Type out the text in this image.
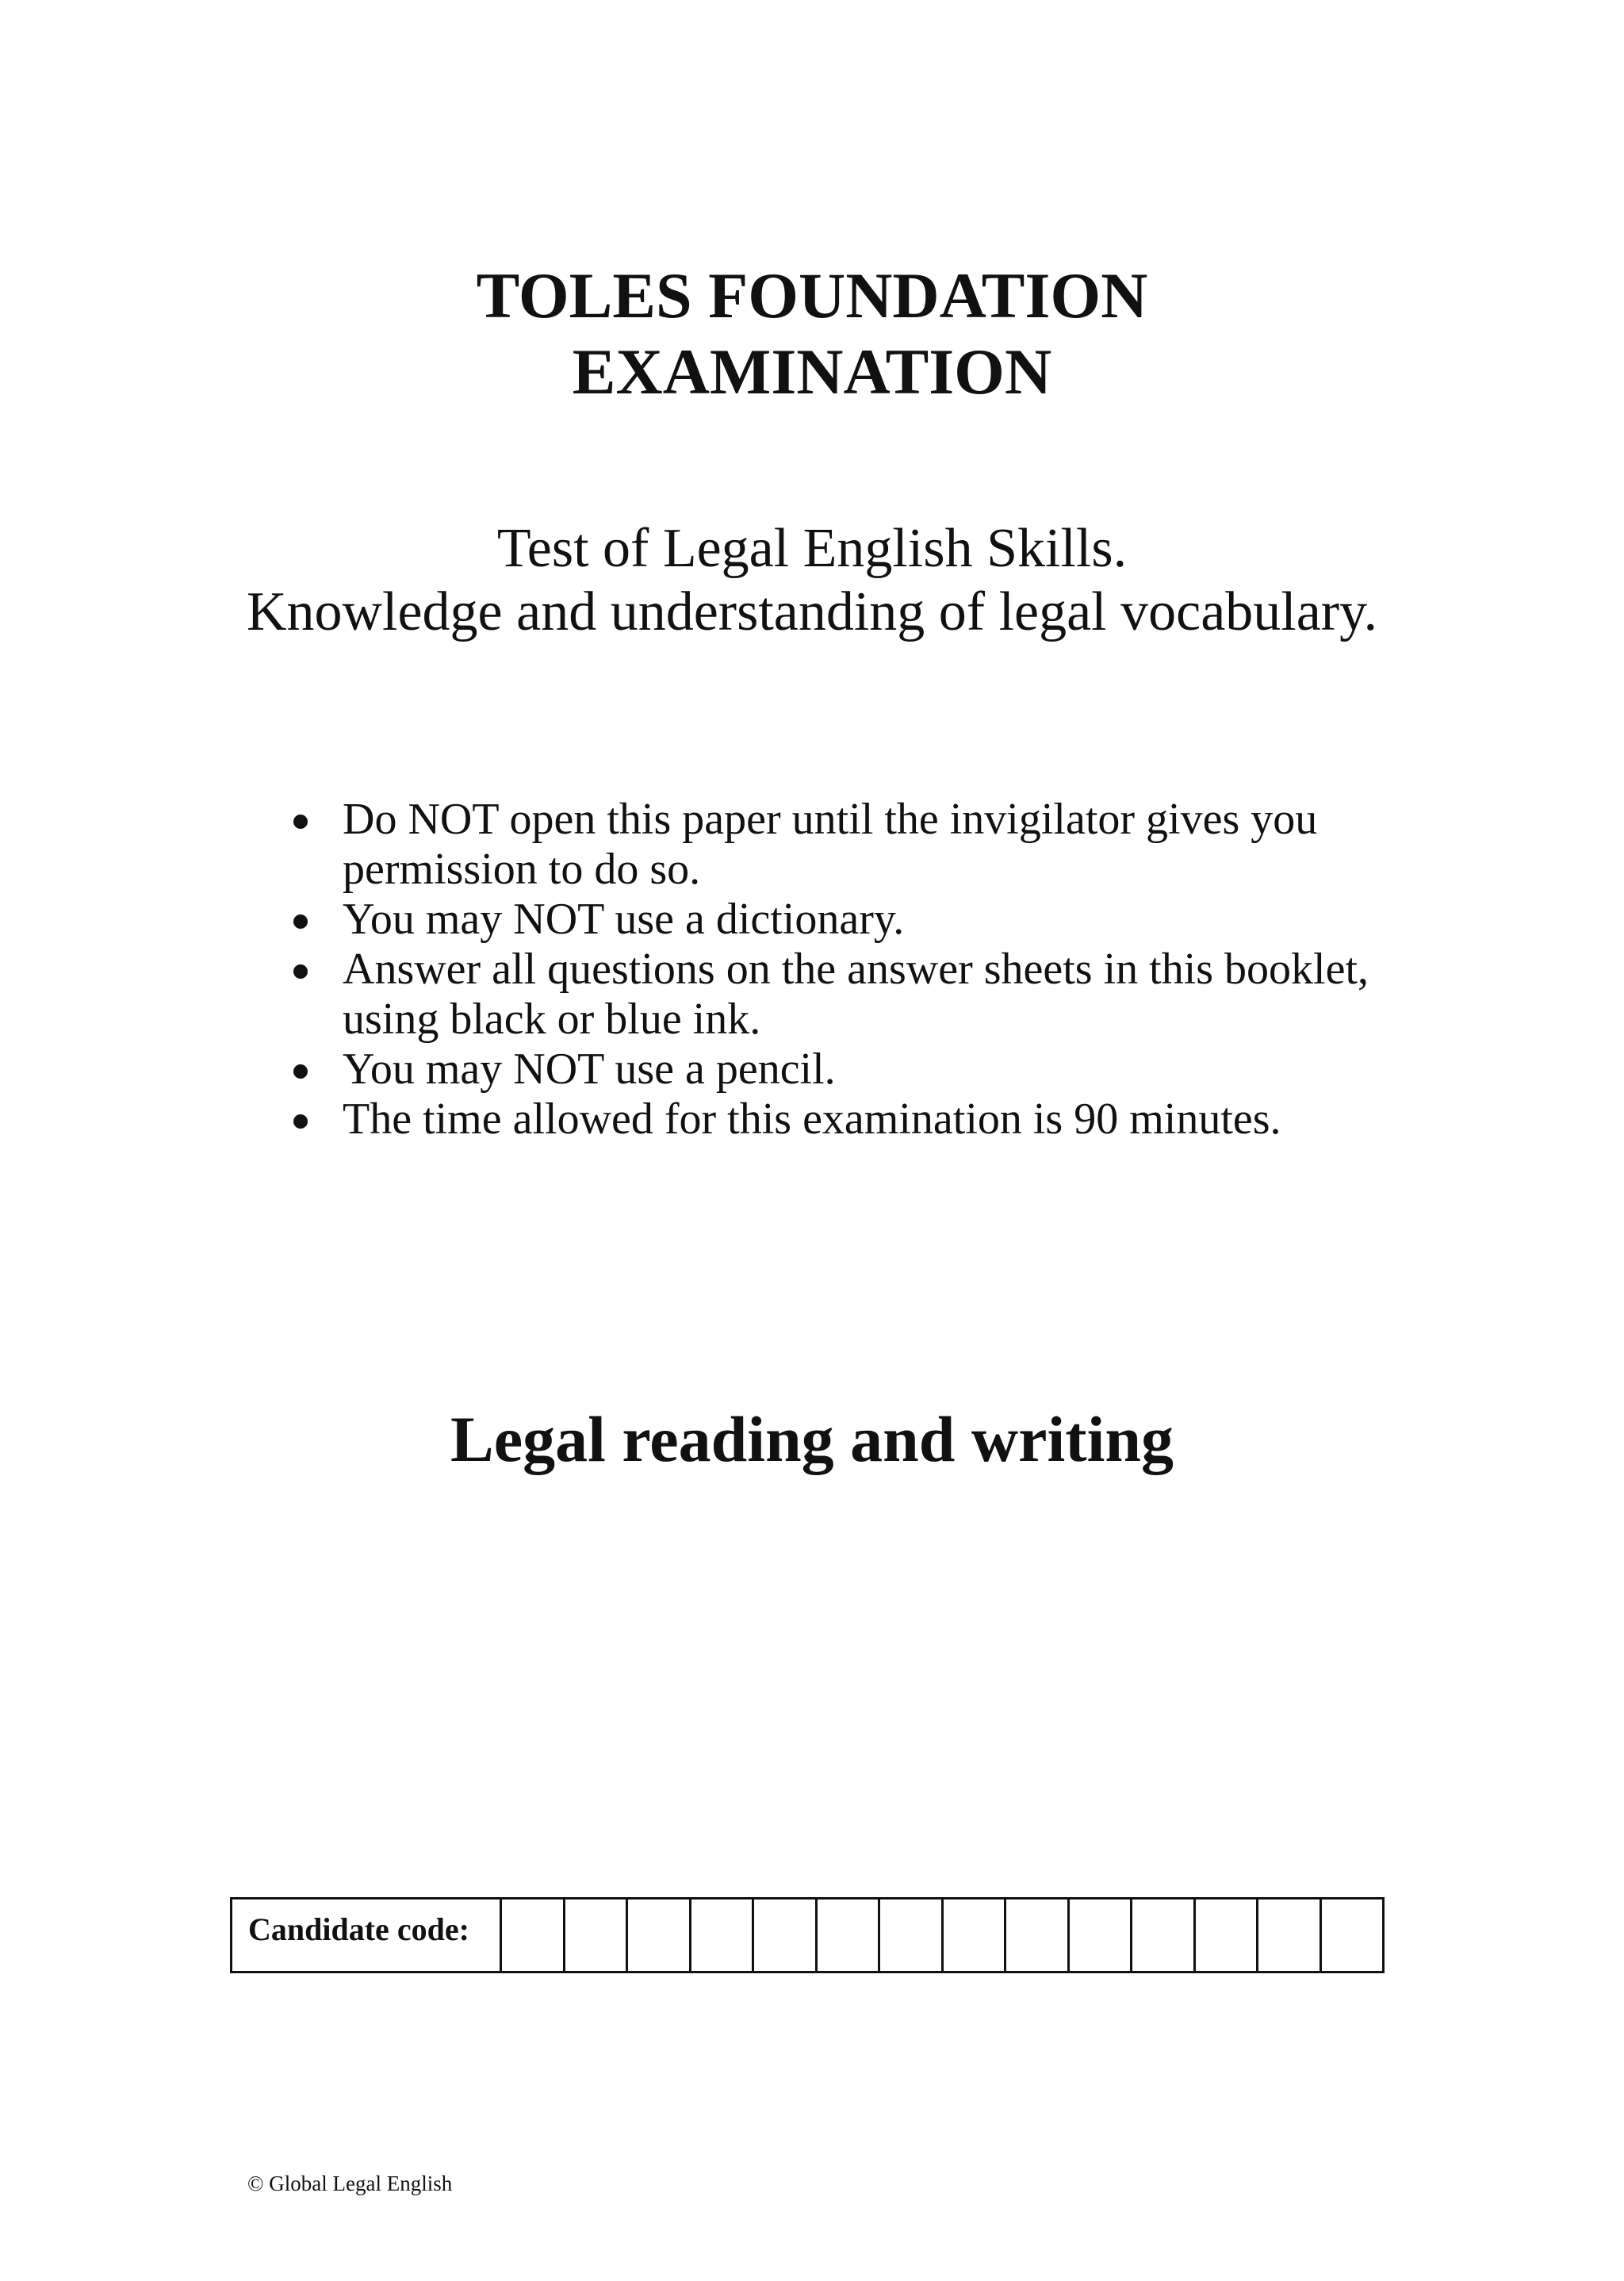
TOLES FOUNDATION
EXAMINATION
Test of Legal English Skills.
Knowledge and understanding of legal vocabulary.
Do NOT open this paper until the invigilator gives you permission to do so.
You may NOT use a dictionary.
Answer all questions on the answer sheets in this booklet, using black or blue ink.
You may NOT use a pencil.
The time allowed for this examination is 90 minutes.
Legal reading and writing
Candidate code:

© Global Legal English
